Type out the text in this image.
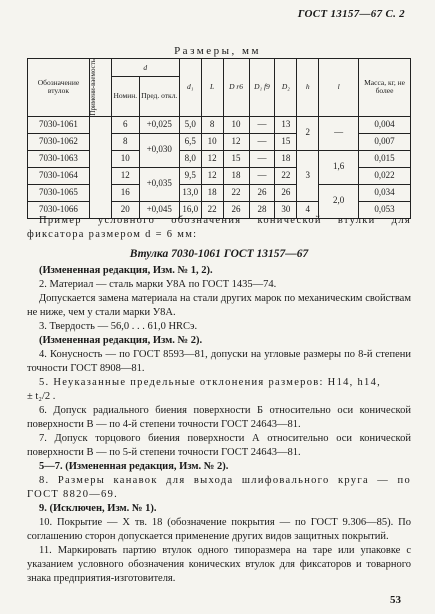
ГОСТ 13157—67 С. 2
Размеры, мм
Обозначение втулок	Примени-ваемость	d		d₁	L	D r6	D₁ f9	D₂	h	l	Масса, кг, не более
		Номин.	Пред. откл.								
7030-1061		6	+0,025	5,0	8	10	—	13	2	—	0,004
7030-1062		8	+0,030	6,5	10	12	—	15			0,007
7030-1063		10		8,0	12	15	—	18	3	1,6	0,015
7030-1064		12	+0,035	9,5	12	18	—	22			0,022
7030-1065		16		13,0	18	22	26	26		2,0	0,034
7030-1066		20	+0,045	16,0	22	26	28	30	4		0,053

Пример условного обозначения конической втулки для фиксатора размером d = 6 мм:

Втулка 7030-1061 ГОСТ 13157—67

(Измененная редакция, Изм. № 1, 2).

2. Материал — сталь марки У8А по ГОСТ 1435—74.

Допускается замена материала на стали других марок по механическим свойствам не ниже, чем у стали марки У8А.

3. Твердость — 56,0 . . . 61,0 HRCэ.

(Измененная редакция, Изм. № 2).

4. Конусность — по ГОСТ 8593—81, допуски на угловые размеры по 8-й степени точности ГОСТ 8908—81.

5. Неуказанные предельные отклонения размеров: H14, h14,

± t₂/2 .

6. Допуск радиального биения поверхности Б относительно оси конической поверхности В — по 4-й степени точности ГОСТ 24643—81.

7. Допуск торцового биения поверхности А относительно оси конической поверхности В — по 5-й степени точности ГОСТ 24643—81.

5—7. (Измененная редакция, Изм. № 2).

8. Размеры канавок для выхода шлифовального круга — по ГОСТ 8820—69.

9. (Исключен, Изм. № 1).

10. Покрытие — Х тв. 18 (обозначение покрытия — по ГОСТ 9.306—85). По соглашению сторон допускается применение других видов защитных покрытий.

11. Маркировать партию втулок одного типоразмера на таре или упаковке с указанием условного обозначения конических втулок для фиксаторов и товарного знака предприятия-изготовителя.

53
